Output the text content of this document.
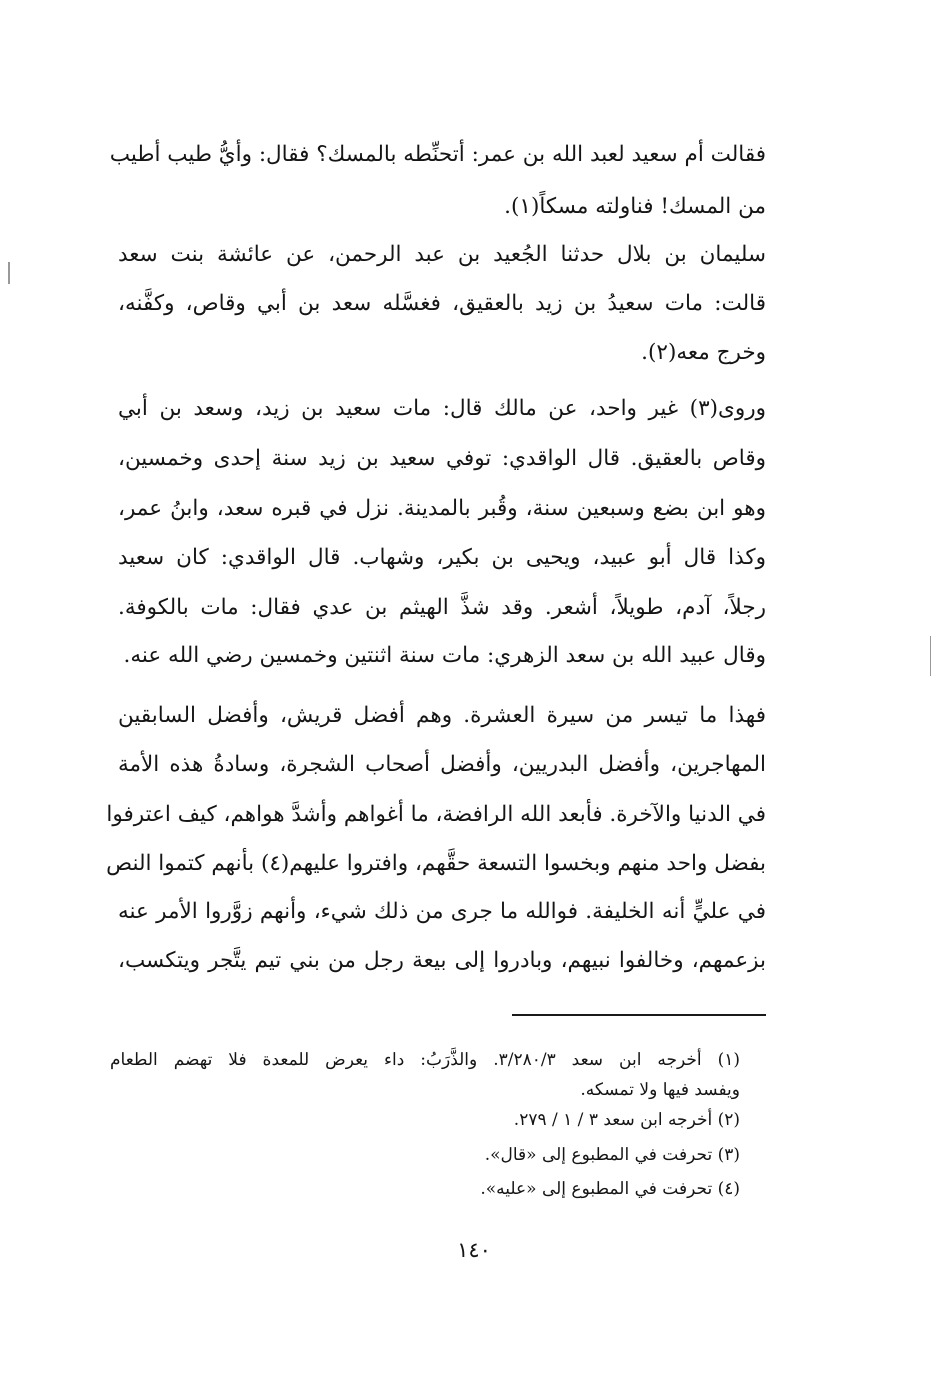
فقالت أم سعيد لعبد الله بن عمر: أتحنِّطه بالمسك؟ فقال: وأيُّ طيب أطيب
من المسك! فناولته مسكاً(١).
سليمان بن بلال حدثنا الجُعيد بن عبد الرحمن، عن عائشة بنت سعد
قالت: مات سعيدُ بن زيد بالعقيق، فغسَّله سعد بن أبي وقاص، وكفَّنه،
وخرج معه(٢).
وروى(٣) غير واحد، عن مالك قال: مات سعيد بن زيد، وسعد بن أبي
وقاص بالعقيق. قال الواقدي: توفي سعيد بن زيد سنة إحدى وخمسين،
وهو ابن بضع وسبعين سنة، وقُبر بالمدينة. نزل في قبره سعد، وابنُ عمر،
وكذا قال أبو عبيد، ويحيى بن بكير، وشهاب. قال الواقدي: كان سعيد
رجلاً، آدم، طويلاً، أشعر. وقد شذَّ الهيثم بن عدي فقال: مات بالكوفة.
وقال عبيد الله بن سعد الزهري: مات سنة اثنتين وخمسين رضي الله عنه.
فهذا ما تيسر من سيرة العشرة. وهم أفضل قريش، وأفضل السابقين
المهاجرين، وأفضل البدريين، وأفضل أصحاب الشجرة، وسادةُ هذه الأمة
في الدنيا والآخرة. فأبعد الله الرافضة، ما أغواهم وأشدَّ هواهم، كيف اعترفوا
بفضل واحد منهم وبخسوا التسعة حقَّهم، وافتروا عليهم(٤) بأنهم كتموا النص
في عليٍّ أنه الخليفة. فوالله ما جرى من ذلك شيء، وأنهم زوَّروا الأمر عنه
بزعمهم، وخالفوا نبيهم، وبادروا إلى بيعة رجل من بني تيم يتَّجر ويتكسب،
(١) أخرجه ابن سعد ٣/٢٨٠/٣. والذَّرَبُ: داء يعرض للمعدة فلا تهضم الطعام
ويفسد فيها ولا تمسكه.
(٢) أخرجه ابن سعد ٣ / ١ / ٢٧٩.
(٣) تحرفت في المطبوع إلى «قال».
(٤) تحرفت في المطبوع إلى «عليه».
١٤٠
